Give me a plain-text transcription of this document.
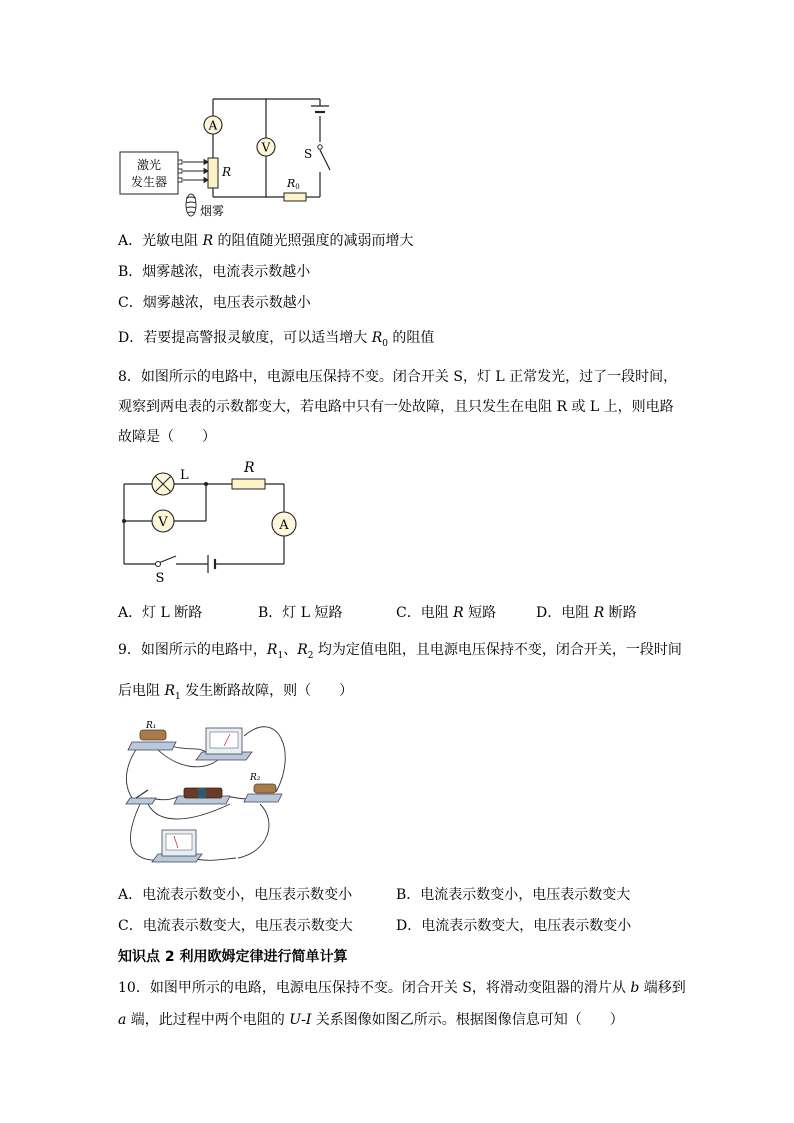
A
V
R
R0
S
激光
发生器
烟雾
A．光敏电阻 R 的阻值随光照强度的减弱而增大
B．烟雾越浓，电流表示数越小
C．烟雾越浓，电压表示数越小
D．若要提高警报灵敏度，可以适当增大 $R_0$ 的阻值
8．如图所示的电路中，电源电压保持不变。闭合开关 S，灯 L 正常发光，过了一段时间，
观察到两电表的示数都变大，若电路中只有一处故障，且只发生在电阻 R 或 L 上，则电路
故障是（　　）
S
L
V
R
A
A．灯 L 断路	B．灯 L 短路	C．电阻 R 短路	D．电阻 R 断路
9．如图所示的电路中，$R_1$、$R_2$ 均为定值电阻，且电源电压保持不变，闭合开关，一段时间
后电阻 $R_1$ 发生断路故障，则（　　）
R₁
R₂
A．电流表示数变小，电压表示数变小	B．电流表示数变小，电压表示数变大
C．电流表示数变大，电压表示数变大	D．电流表示数变大，电压表示数变小
知识点 2 利用欧姆定律进行简单计算
10．如图甲所示的电路，电源电压保持不变。闭合开关 S，将滑动变阻器的滑片从 b 端移到
a 端，此过程中两个电阻的 U-I 关系图像如图乙所示。根据图像信息可知（　　）
